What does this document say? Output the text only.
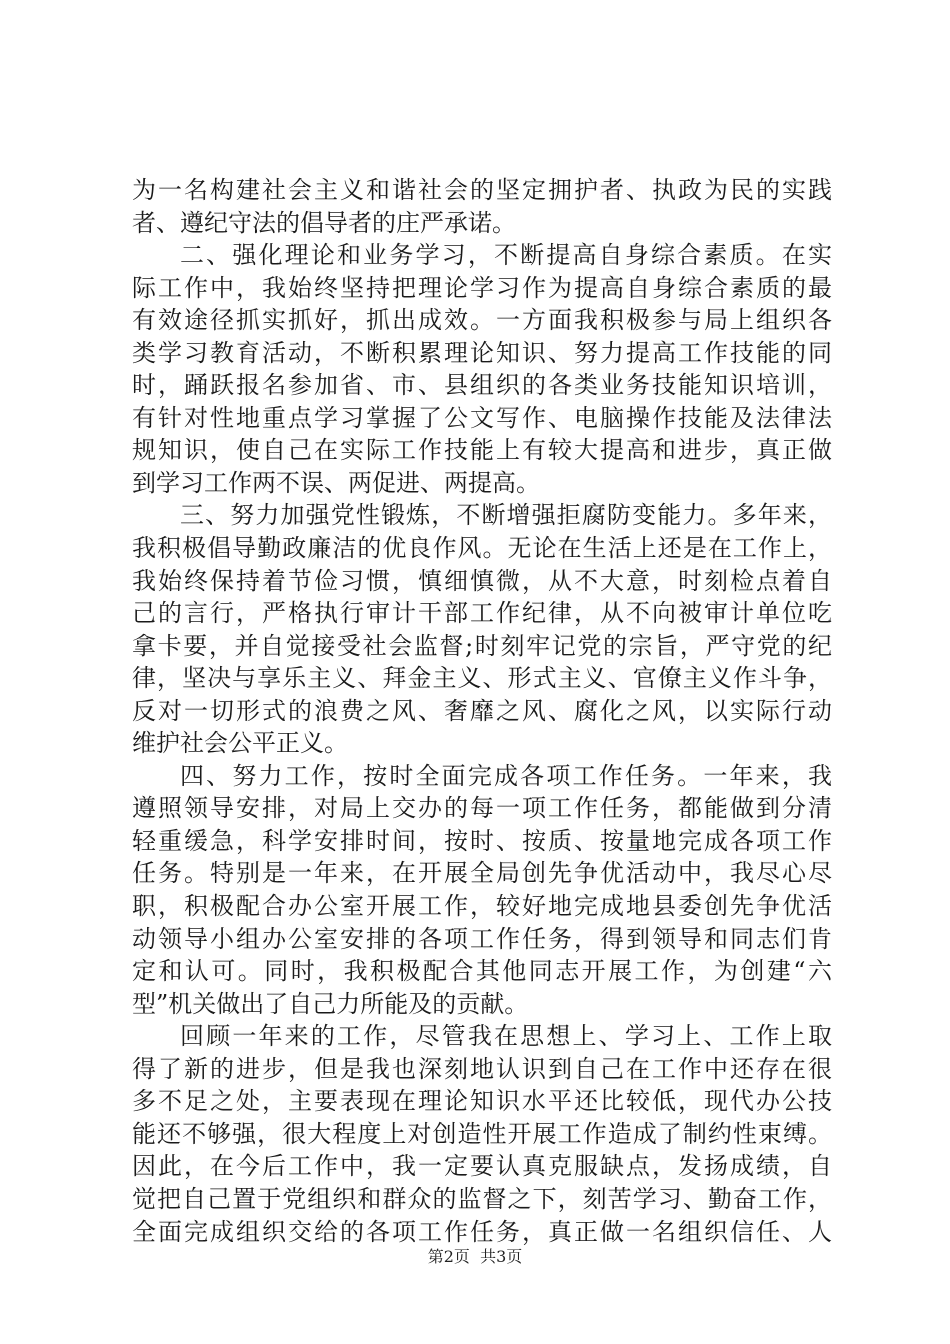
为一名构建社会主义和谐社会的坚定拥护者、执政为民的实践
者、遵纪守法的倡导者的庄严承诺。
二、强化理论和业务学习，不断提高自身综合素质。在实
际工作中，我始终坚持把理论学习作为提高自身综合素质的最
有效途径抓实抓好，抓出成效。一方面我积极参与局上组织各
类学习教育活动，不断积累理论知识、努力提高工作技能的同
时，踊跃报名参加省、市、县组织的各类业务技能知识培训，
有针对性地重点学习掌握了公文写作、电脑操作技能及法律法
规知识，使自己在实际工作技能上有较大提高和进步，真正做
到学习工作两不误、两促进、两提高。
三、努力加强党性锻炼，不断增强拒腐防变能力。多年来，
我积极倡导勤政廉洁的优良作风。无论在生活上还是在工作上，
我始终保持着节俭习惯，慎细慎微，从不大意，时刻检点着自
己的言行，严格执行审计干部工作纪律，从不向被审计单位吃
拿卡要，并自觉接受社会监督;时刻牢记党的宗旨，严守党的纪
律，坚决与享乐主义、拜金主义、形式主义、官僚主义作斗争，
反对一切形式的浪费之风、奢靡之风、腐化之风，以实际行动
维护社会公平正义。
四、努力工作，按时全面完成各项工作任务。一年来，我
遵照领导安排，对局上交办的每一项工作任务，都能做到分清
轻重缓急，科学安排时间，按时、按质、按量地完成各项工作
任务。特别是一年来，在开展全局创先争优活动中，我尽心尽
职，积极配合办公室开展工作，较好地完成地县委创先争优活
动领导小组办公室安排的各项工作任务，得到领导和同志们肯
定和认可。同时，我积极配合其他同志开展工作，为创建“六
型”机关做出了自己力所能及的贡献。
回顾一年来的工作，尽管我在思想上、学习上、工作上取
得了新的进步，但是我也深刻地认识到自己在工作中还存在很
多不足之处，主要表现在理论知识水平还比较低，现代办公技
能还不够强，很大程度上对创造性开展工作造成了制约性束缚。
因此，在今后工作中，我一定要认真克服缺点，发扬成绩，自
觉把自己置于党组织和群众的监督之下，刻苦学习、勤奋工作，
全面完成组织交给的各项工作任务，真正做一名组织信任、人
第2页  共3页
